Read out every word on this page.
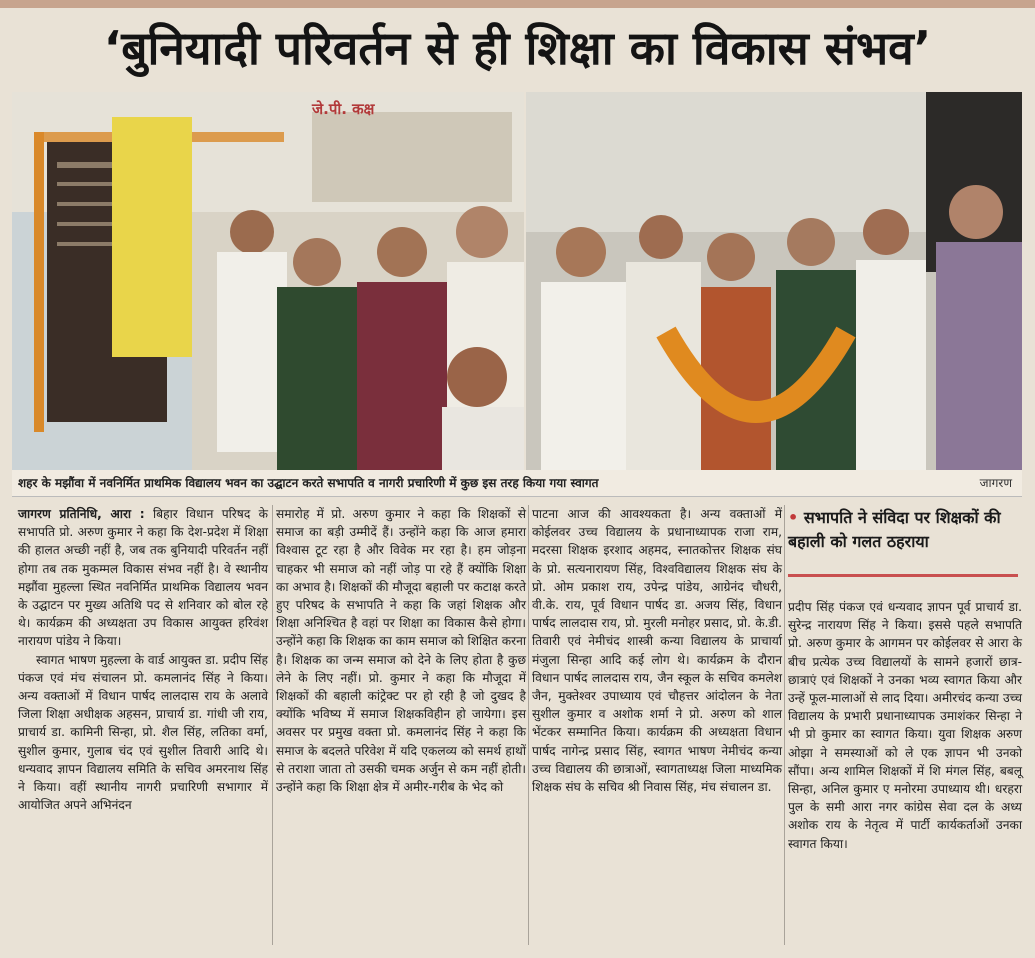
‘बुनियादी परिवर्तन से ही शिक्षा का विकास संभव’
जे.पी. कक्ष
शहर के मझौंवा में नवनिर्मित प्राथमिक विद्यालय भवन का उद्घाटन करते सभापति व नागरी प्रचारिणी में कुछ इस तरह किया गया स्वागत	जागरण

जागरण प्रतिनिधि, आरा : बिहार विधान परिषद के सभापति प्रो. अरुण कुमार ने कहा कि देश-प्रदेश में शिक्षा की हालत अच्छी नहीं है, जब तक बुनियादी परिवर्तन नहीं होगा तब तक मुकम्मल विकास संभव नहीं है। वे स्थानीय मझौंवा मुहल्ला स्थित नवनिर्मित प्राथमिक विद्यालय भवन के उद्घाटन पर मुख्य अतिथि पद से शनिवार को बोल रहे थे। कार्यक्रम की अध्यक्षता उप विकास आयुक्त हरिवंश नारायण पांडेय ने किया।

स्वागत भाषण मुहल्ला के वार्ड आयुक्त डा. प्रदीप सिंह पंकज एवं मंच संचालन प्रो. कमलानंद सिंह ने किया। अन्य वक्ताओं में विधान पार्षद लालदास राय के अलावे जिला शिक्षा अधीक्षक अहसन, प्राचार्य डा. गांधी जी राय, प्राचार्य डा. कामिनी सिन्हा, प्रो. शैल सिंह, लतिका वर्मा, सुशील कुमार, गुलाब चंद एवं सुशील तिवारी आदि थे। धन्यवाद ज्ञापन विद्यालय समिति के सचिव अमरनाथ सिंह ने किया। वहीं स्थानीय नागरी प्रचारिणी सभागार में आयोजित अपने अभिनंदन

समारोह में प्रो. अरुण कुमार ने कहा कि शिक्षकों से समाज का बड़ी उम्मीदें हैं। उन्होंने कहा कि आज हमारा विश्वास टूट रहा है और विवेक मर रहा है। हम जोड़ना चाहकर भी समाज को नहीं जोड़ पा रहे हैं क्योंकि शिक्षा का अभाव है। शिक्षकों की मौजूदा बहाली पर कटाक्ष करते हुए परिषद के सभापति ने कहा कि जहां शिक्षक और शिक्षा अनिश्चित है वहां पर शिक्षा का विकास कैसे होगा। उन्होंने कहा कि शिक्षक का काम समाज को शिक्षित करना है। शिक्षक का जन्म समाज को देने के लिए होता है कुछ लेने के लिए नहीं। प्रो. कुमार ने कहा कि मौजूदा में शिक्षकों की बहाली कांट्रेक्ट पर हो रही है जो दुखद है क्योंकि भविष्य में समाज शिक्षकविहीन हो जायेगा। इस अवसर पर प्रमुख वक्ता प्रो. कमलानंद सिंह ने कहा कि समाज के बदलते परिवेश में यदि एकलव्य को समर्थ हाथों से तराशा जाता तो उसकी चमक अर्जुन से कम नहीं होती। उन्होंने कहा कि शिक्षा क्षेत्र में अमीर-गरीब के भेद को

पाटना आज की आवश्यकता है। अन्य वक्ताओं में कोईलवर उच्च विद्यालय के प्रधानाध्यापक राजा राम, मदरसा शिक्षक इरशाद अहमद, स्नातकोत्तर शिक्षक संघ के प्रो. सत्यनारायण सिंह, विश्वविद्यालय शिक्षक संघ के प्रो. ओम प्रकाश राय, उपेन्द्र पांडेय, आग्रेनंद चौधरी, वी.के. राय, पूर्व विधान पार्षद डा. अजय सिंह, विधान पार्षद लालदास राय, प्रो. मुरली मनोहर प्रसाद, प्रो. के.डी. तिवारी एवं नेमीचंद शास्त्री कन्या विद्यालय के प्राचार्या मंजुला सिन्हा आदि कई लोग थे। कार्यक्रम के दौरान विधान पार्षद लालदास राय, जैन स्कूल के सचिव कमलेश जैन, मुक्तेश्वर उपाध्याय एवं चौहत्तर आंदोलन के नेता सुशील कुमार व अशोक शर्मा ने प्रो. अरुण को शाल भेंटकर सम्मानित किया। कार्यक्रम की अध्यक्षता विधान पार्षद नागेन्द्र प्रसाद सिंह, स्वागत भाषण नेमीचंद कन्या उच्च विद्यालय की छात्राओं, स्वागताध्यक्ष जिला माध्यमिक शिक्षक संघ के सचिव श्री निवास सिंह, मंच संचालन डा.

• सभापति ने संविदा पर शिक्षकों की बहाली को गलत ठहराया

प्रदीप सिंह पंकज एवं धन्यवाद ज्ञापन पूर्व प्राचार्य डा. सुरेन्द्र नारायण सिंह ने किया। इससे पहले सभापति प्रो. अरुण कुमार के आगमन पर कोईलवर से आरा के बीच प्रत्येक उच्च विद्यालयों के सामने हजारों छात्र-छात्राएं एवं शिक्षकों ने उनका भव्य स्वागत किया और उन्हें फूल-मालाओं से लाद दिया। अमीरचंद कन्या उच्च विद्यालय के प्रभारी प्रधानाध्यापक उमाशंकर सिन्हा ने भी प्रो कुमार का स्वागत किया। युवा शिक्षक अरुण ओझा ने समस्याओं को ले एक ज्ञापन भी उनको सौंपा। अन्य शामिल शिक्षकों में शि मंगल सिंह, बबलू सिन्हा, अनिल कुमार ए मनोरमा उपाध्याय थी। धरहरा पुल के समी आरा नगर कांग्रेस सेवा दल के अध्य अशोक राय के नेतृत्व में पार्टी कार्यकर्ताओं उनका स्वागत किया।
